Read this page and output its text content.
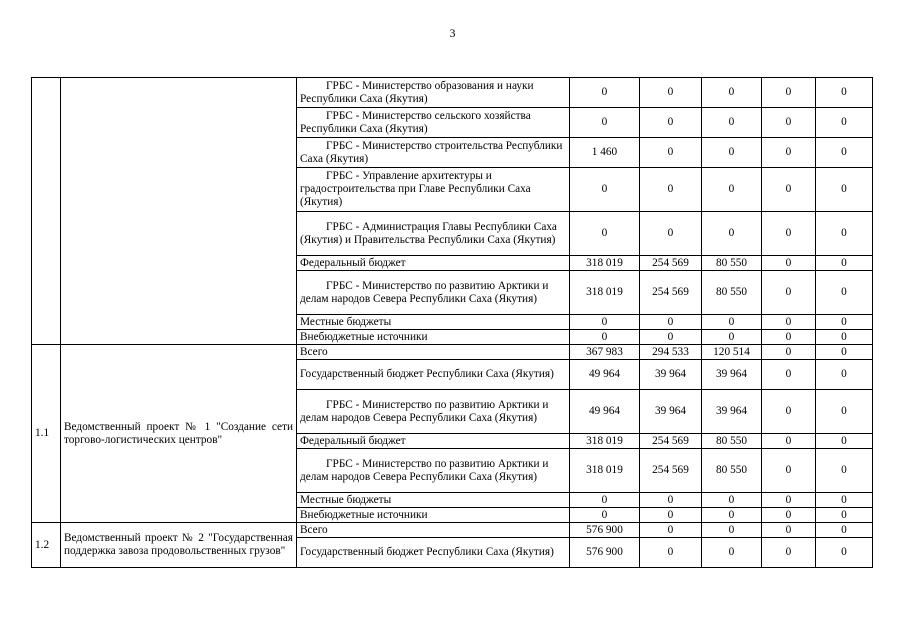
3
		ГРБС - Министерство образования и науки Республики Саха (Якутия)	0	0	0	0	0
		ГРБС - Министерство сельского хозяйства Республики Саха (Якутия)	0	0	0	0	0
		ГРБС - Министерство строительства Республики Саха (Якутия)	1 460	0	0	0	0
		ГРБС - Управление архитектуры и градостроительства при Главе Республики Саха (Якутия)	0	0	0	0	0
		ГРБС - Администрация Главы Республики Саха (Якутия) и Правительства Республики Саха (Якутия)	0	0	0	0	0
		Федеральный бюджет	318 019	254 569	80 550	0	0
		ГРБС - Министерство по развитию Арктики и делам народов Севера Республики Саха (Якутия)	318 019	254 569	80 550	0	0
		Местные бюджеты	0	0	0	0	0
		Внебюджетные источники	0	0	0	0	0
1.1	Ведомственный проект № 1 "Создание сети торгово-логистических центров"	Всего	367 983	294 533	120 514	0	0
		Государственный бюджет Республики Саха (Якутия)	49 964	39 964	39 964	0	0
		ГРБС - Министерство по развитию Арктики и делам народов Севера Республики Саха (Якутия)	49 964	39 964	39 964	0	0
		Федеральный бюджет	318 019	254 569	80 550	0	0
		ГРБС - Министерство по развитию Арктики и делам народов Севера Республики Саха (Якутия)	318 019	254 569	80 550	0	0
		Местные бюджеты	0	0	0	0	0
		Внебюджетные источники	0	0	0	0	0
1.2	Ведомственный проект № 2 "Государственная поддержка завоза продовольственных грузов"	Всего	576 900	0	0	0	0
		Государственный бюджет Республики Саха (Якутия)	576 900	0	0	0	0
